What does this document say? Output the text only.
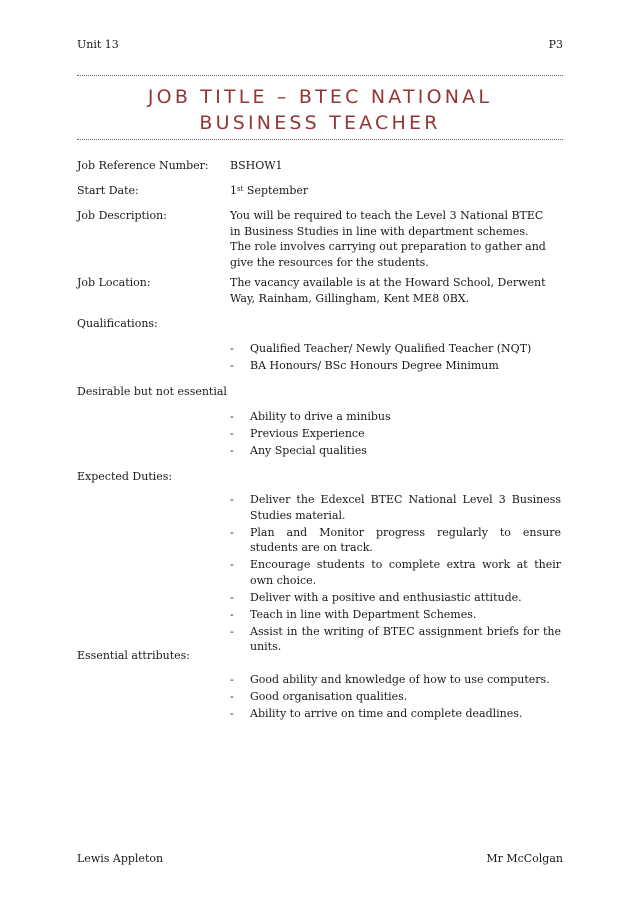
Unit 13	P3
JOB TITLE – BTEC NATIONAL
BUSINESS TEACHER
Job Reference Number: BSHOW1
Start Date:	1st September
Job Description:	You will be required to teach the Level 3 National BTEC in Business Studies in line with department schemes. The role involves carrying out preparation to gather and give the resources for the students.
Job Location:	The vacancy available is at the Howard School, Derwent Way, Rainham, Gillingham, Kent ME8 0BX.
Qualifications:
- Qualified Teacher/ Newly Qualified Teacher (NQT)
- BA Honours/ BSc Honours Degree Minimum
Desirable but not essential
- Ability to drive a minibus
- Previous Experience
- Any Special qualities
Expected Duties:
- Deliver the Edexcel BTEC National Level 3 Business Studies material.
- Plan and Monitor progress regularly to ensure students are on track.
- Encourage students to complete extra work at their own choice.
- Deliver with a positive and enthusiastic attitude.
- Teach in line with Department Schemes.
- Assist in the writing of BTEC assignment briefs for the units.
Essential attributes:
- Good ability and knowledge of how to use computers.
- Good organisation qualities.
- Ability to arrive on time and complete deadlines.
Lewis Appleton	Mr McColgan
